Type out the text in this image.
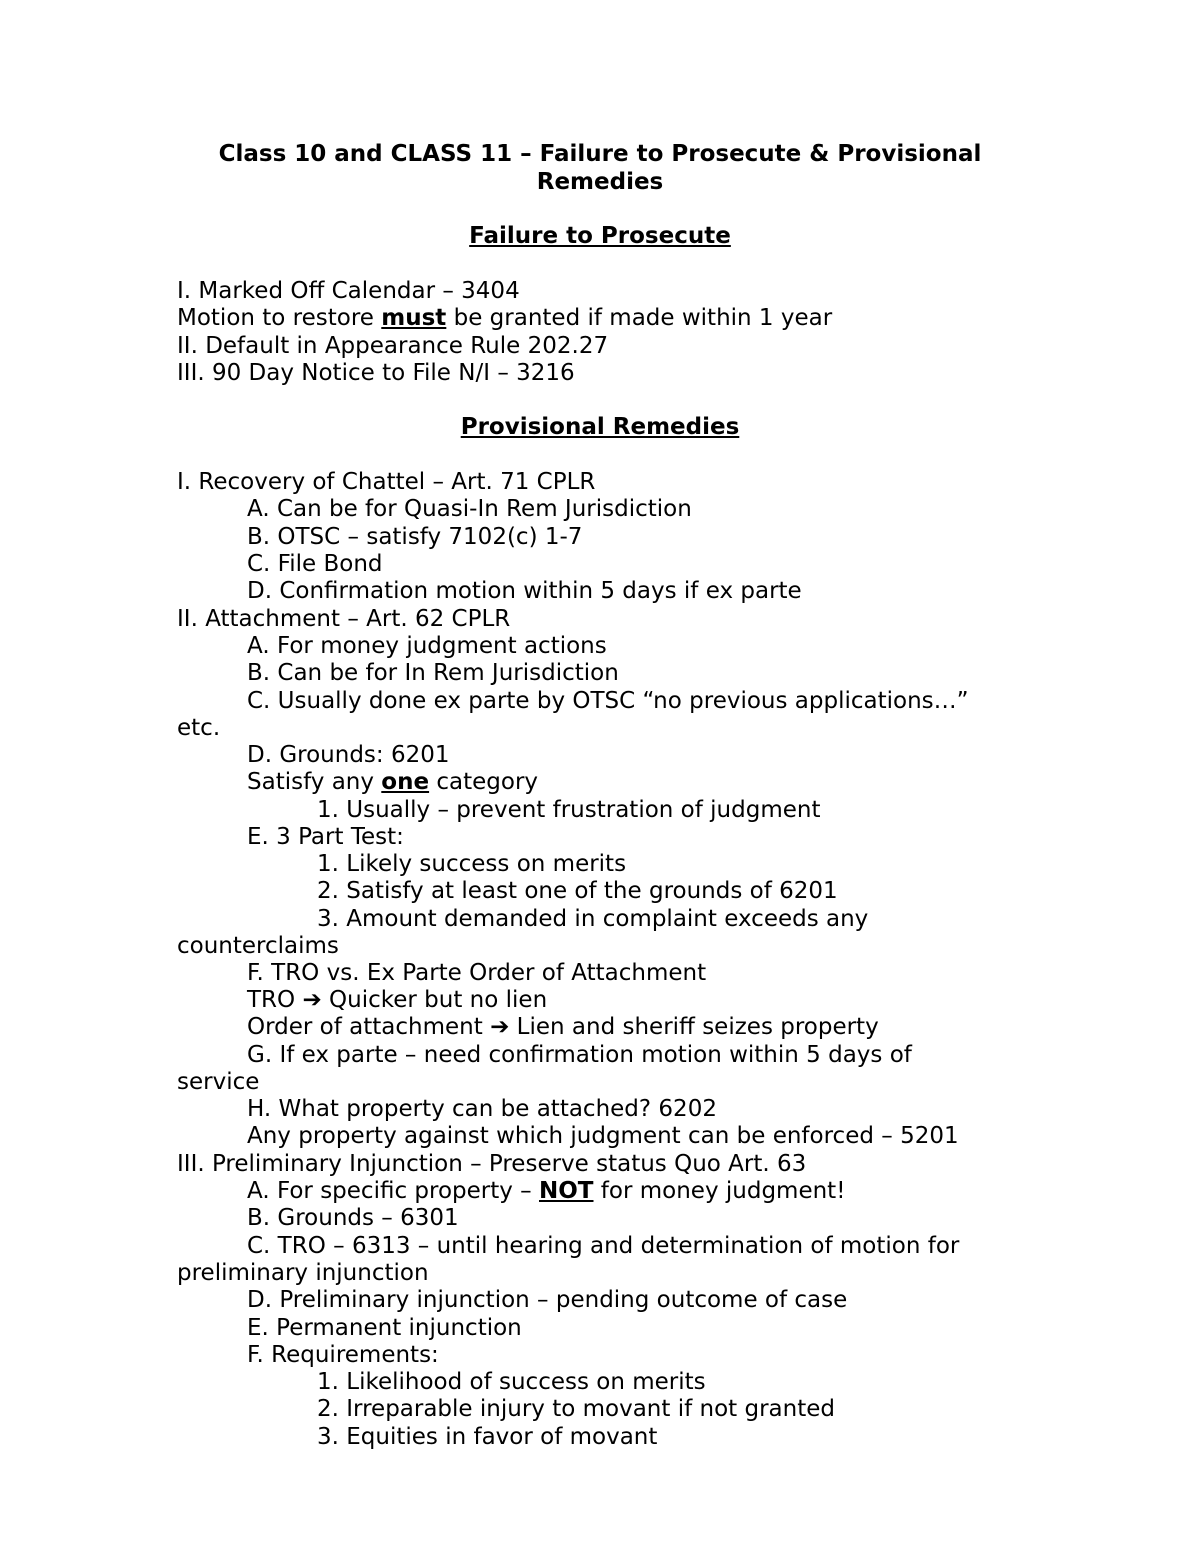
Class 10 and CLASS 11 – Failure to Prosecute & Provisional
Remedies
Failure to Prosecute
I. Marked Off Calendar – 3404
Motion to restore must be granted if made within 1 year
II. Default in Appearance Rule 202.27
III. 90 Day Notice to File N/I – 3216
Provisional Remedies
I. Recovery of Chattel – Art. 71 CPLR
A. Can be for Quasi-In Rem Jurisdiction
B. OTSC – satisfy 7102(c) 1-7
C. File Bond
D. Confirmation motion within 5 days if ex parte
II. Attachment – Art. 62 CPLR
A. For money judgment actions
B. Can be for In Rem Jurisdiction
C. Usually done ex parte by OTSC “no previous applications…”
etc.
D. Grounds: 6201
Satisfy any one category
1. Usually – prevent frustration of judgment
E. 3 Part Test:
1. Likely success on merits
2. Satisfy at least one of the grounds of 6201
3. Amount demanded in complaint exceeds any
counterclaims
F. TRO vs. Ex Parte Order of Attachment
TRO ➔ Quicker but no lien
Order of attachment ➔ Lien and sheriff seizes property
G. If ex parte – need confirmation motion within 5 days of
service
H. What property can be attached? 6202
Any property against which judgment can be enforced – 5201
III. Preliminary Injunction – Preserve status Quo Art. 63
A. For specific property – NOT for money judgment!
B. Grounds – 6301
C. TRO – 6313 – until hearing and determination of motion for
preliminary injunction
D. Preliminary injunction – pending outcome of case
E. Permanent injunction
F. Requirements:
1. Likelihood of success on merits
2. Irreparable injury to movant if not granted
3. Equities in favor of movant
